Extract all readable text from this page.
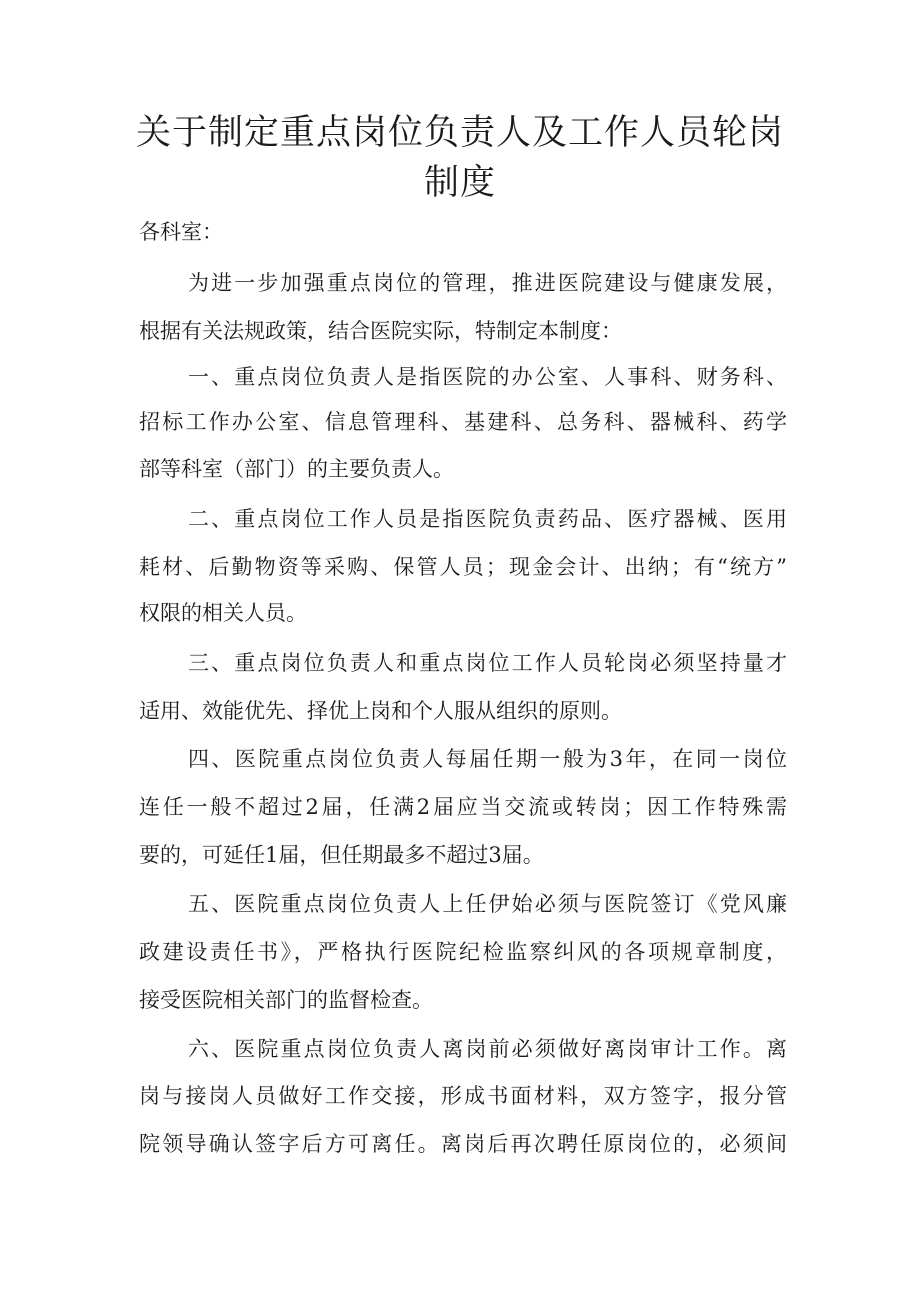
关于制定重点岗位负责人及工作人员轮岗
制度
各科室：
为进一步加强重点岗位的管理，推进医院建设与健康发展，
根据有关法规政策，结合医院实际，特制定本制度：
一、重点岗位负责人是指医院的办公室、人事科、财务科、
招标工作办公室、信息管理科、基建科、总务科、器械科、药学
部等科室（部门）的主要负责人。
二、重点岗位工作人员是指医院负责药品、医疗器械、医用
耗材、后勤物资等采购、保管人员；现金会计、出纳；有“统方”
权限的相关人员。
三、重点岗位负责人和重点岗位工作人员轮岗必须坚持量才
适用、效能优先、择优上岗和个人服从组织的原则。
四、医院重点岗位负责人每届任期一般为3年，在同一岗位
连任一般不超过2届，任满2届应当交流或转岗；因工作特殊需
要的，可延任1届，但任期最多不超过3届。
五、医院重点岗位负责人上任伊始必须与医院签订《党风廉
政建设责任书》，严格执行医院纪检监察纠风的各项规章制度，
接受医院相关部门的监督检查。
六、医院重点岗位负责人离岗前必须做好离岗审计工作。离
岗与接岗人员做好工作交接，形成书面材料，双方签字，报分管
院领导确认签字后方可离任。离岗后再次聘任原岗位的，必须间
